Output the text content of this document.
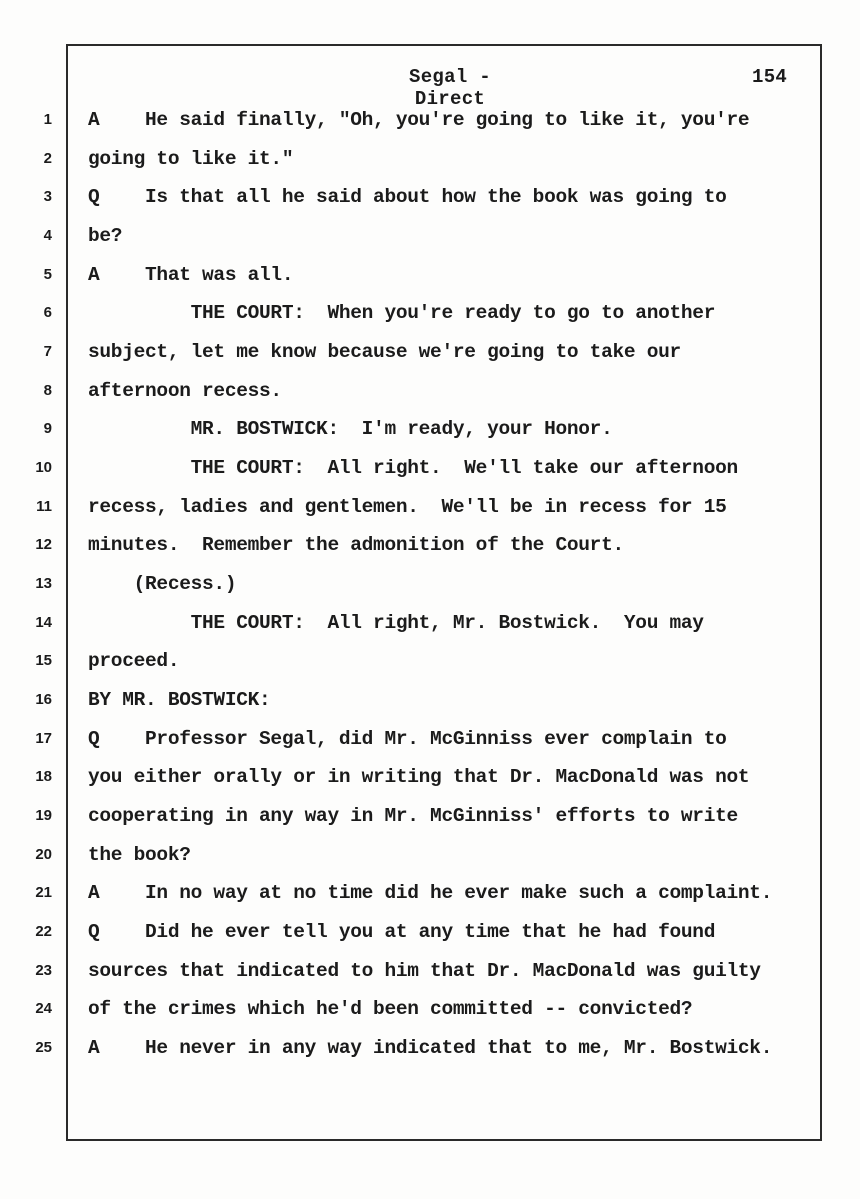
Segal - Direct
154
1 A    He said finally, "Oh, you're going to like it, you're
2 going to like it."
3 Q    Is that all he said about how the book was going to
4 be?
5 A    That was all.
6 THE COURT:  When you're ready to go to another
7 subject, let me know because we're going to take our
8 afternoon recess.
9 MR. BOSTWICK:  I'm ready, your Honor.
10 THE COURT:  All right.  We'll take our afternoon
11 recess, ladies and gentlemen.  We'll be in recess for 15
12 minutes.  Remember the admonition of the Court.
13 (Recess.)
14 THE COURT:  All right, Mr. Bostwick.  You may
15 proceed.
16 BY MR. BOSTWICK:
17 Q    Professor Segal, did Mr. McGinniss ever complain to
18 you either orally or in writing that Dr. MacDonald was not
19 cooperating in any way in Mr. McGinniss' efforts to write
20 the book?
21 A    In no way at no time did he ever make such a complaint.
22 Q    Did he ever tell you at any time that he had found
23 sources that indicated to him that Dr. MacDonald was guilty
24 of the crimes which he'd been committed -- convicted?
25 A    He never in any way indicated that to me, Mr. Bostwick.
